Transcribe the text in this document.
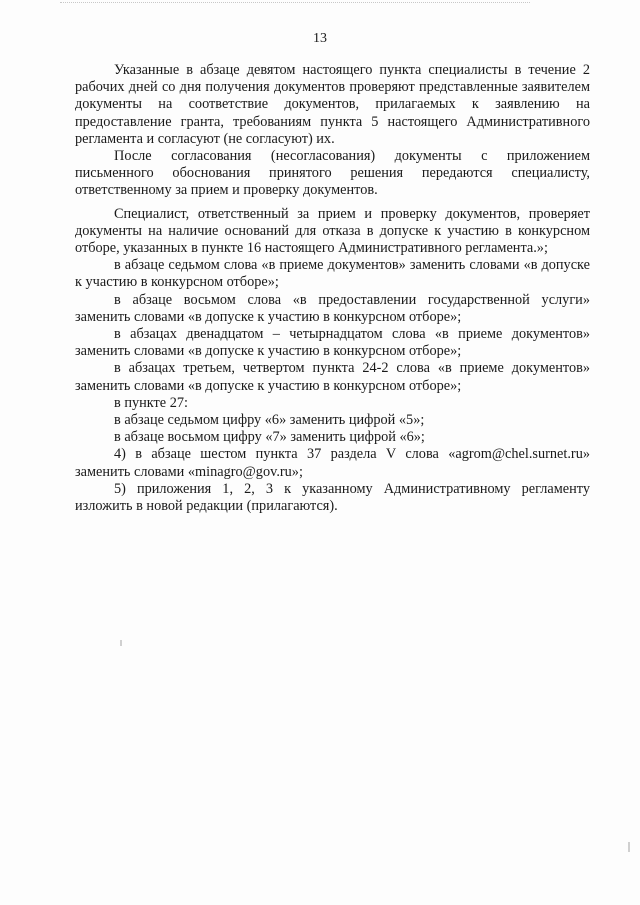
13

Указанные в абзаце девятом настоящего пункта специалисты в течение 2 рабочих дней со дня получения документов проверяют представленные заявителем документы на соответствие документов, прилагаемых к заявлению на предоставление гранта, требованиям пункта 5 настоящего Административного регламента и согласуют (не согласуют) их.

После согласования (несогласования) документы с приложением письменного обоснования принятого решения передаются специалисту, ответственному за прием и проверку документов.

Специалист, ответственный за прием и проверку документов, проверяет документы на наличие оснований для отказа в допуске к участию в конкурсном отборе, указанных в пункте 16 настоящего Административного регламента.»;

в абзаце седьмом слова «в приеме документов» заменить словами «в допуске к участию в конкурсном отборе»;

в абзаце восьмом слова «в предоставлении государственной услуги» заменить словами «в допуске к участию в конкурсном отборе»;

в абзацах двенадцатом – четырнадцатом слова «в приеме документов» заменить словами «в допуске к участию в конкурсном отборе»;

в абзацах третьем, четвертом пункта 24-2 слова «в приеме документов» заменить словами «в допуске к участию в конкурсном отборе»;

в пункте 27:

в абзаце седьмом цифру «6» заменить цифрой «5»;

в абзаце восьмом цифру «7» заменить цифрой «6»;

4) в абзаце шестом пункта 37 раздела V слова «agrom@chel.surnet.ru» заменить словами «minagro@gov.ru»;

5) приложения 1, 2, 3 к указанному Административному регламенту изложить в новой редакции (прилагаются).
